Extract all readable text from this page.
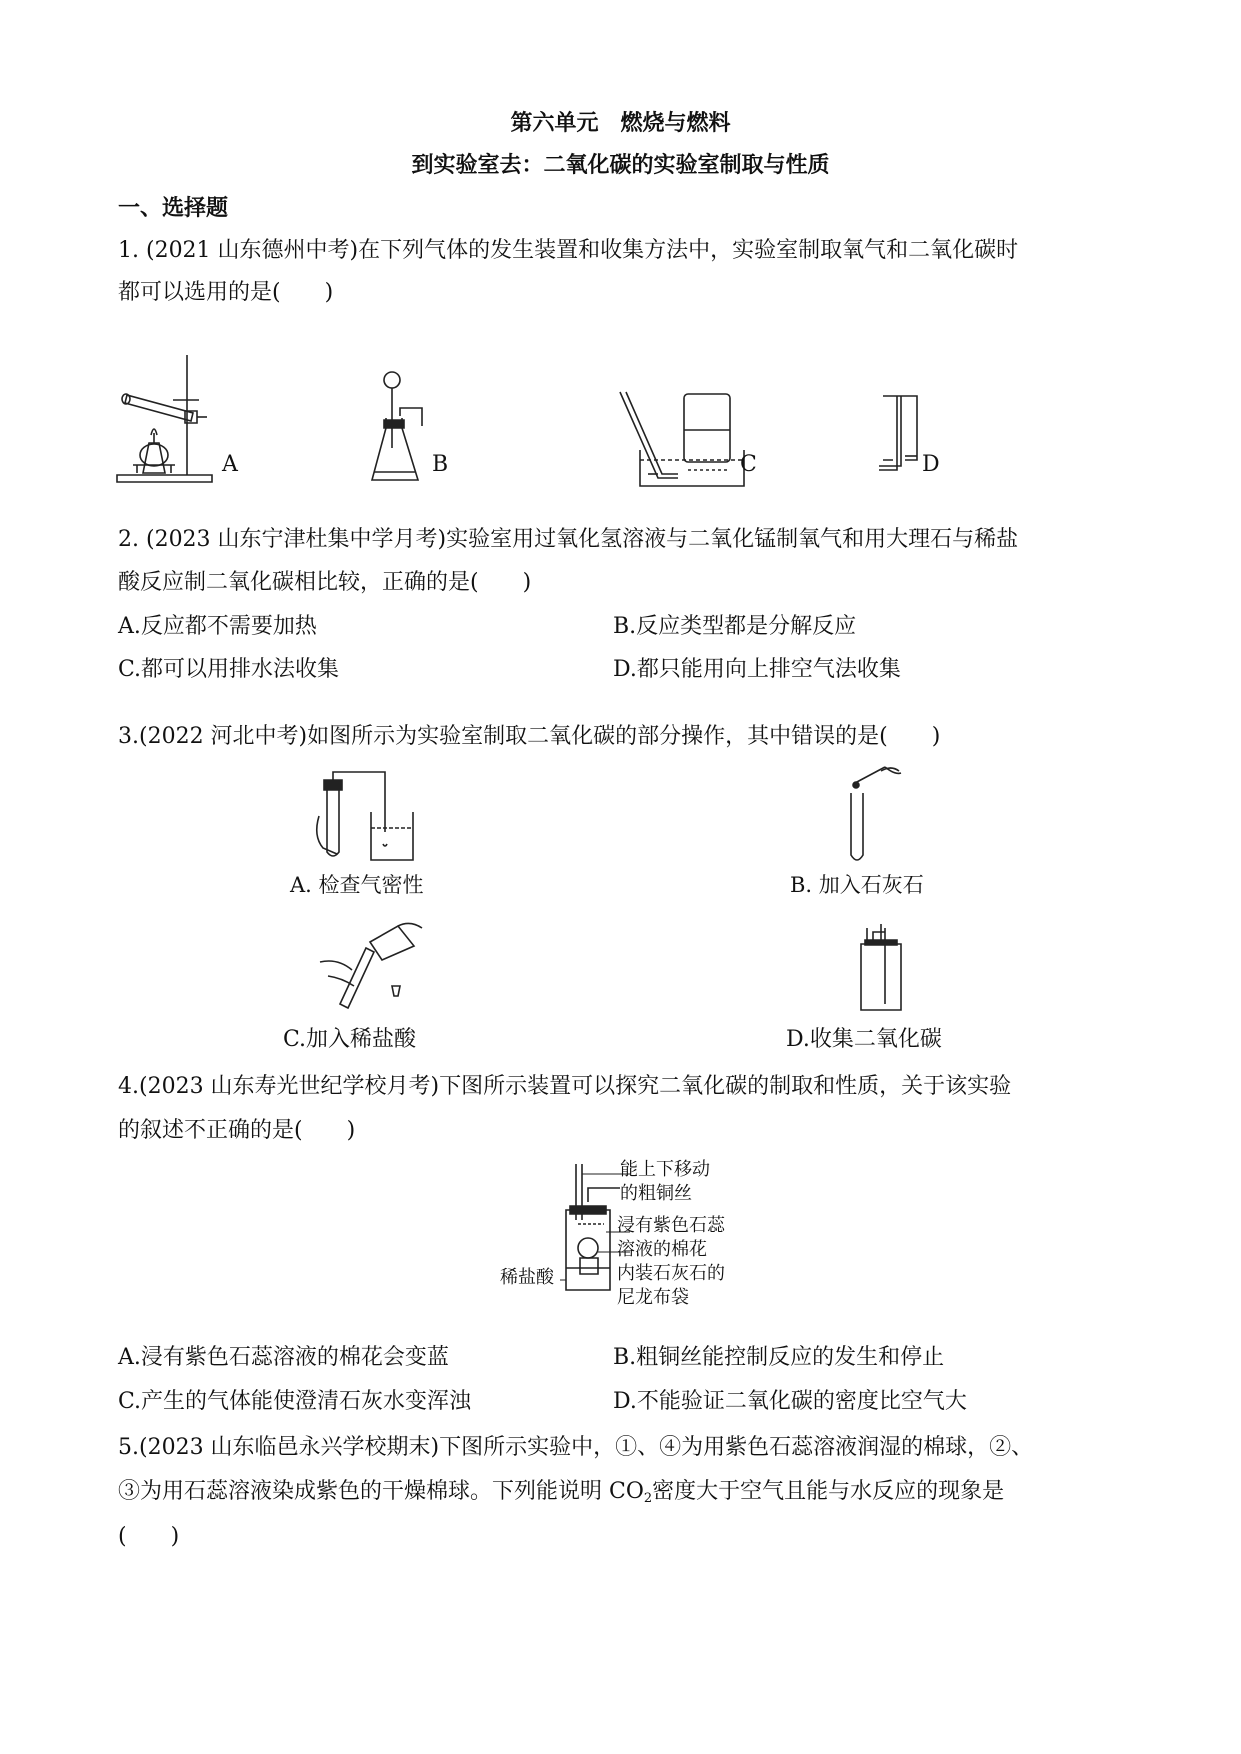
第六单元　燃烧与燃料
到实验室去：二氧化碳的实验室制取与性质
一、选择题
1. (2021 山东德州中考)在下列气体的发生装置和收集方法中，实验室制取氧气和二氧化碳时
都可以选用的是(　　)
A	B	C	D
2. (2023 山东宁津杜集中学月考)实验室用过氧化氢溶液与二氧化锰制氧气和用大理石与稀盐
酸反应制二氧化碳相比较，正确的是(　　)
A.反应都不需要加热	B.反应类型都是分解反应
C.都可以用排水法收集	D.都只能用向上排空气法收集
3.(2022 河北中考)如图所示为实验室制取二氧化碳的部分操作，其中错误的是(　　)
A. 检查气密性	B. 加入石灰石
C.加入稀盐酸	D.收集二氧化碳
4.(2023 山东寿光世纪学校月考)下图所示装置可以探究二氧化碳的制取和性质，关于该实验
的叙述不正确的是(　　)
能上下移动
的粗铜丝
浸有紫色石蕊
溶液的棉花
内装石灰石的
尼龙布袋
稀盐酸
A.浸有紫色石蕊溶液的棉花会变蓝	B.粗铜丝能控制反应的发生和停止
C.产生的气体能使澄清石灰水变浑浊	D.不能验证二氧化碳的密度比空气大
5.(2023 山东临邑永兴学校期末)下图所示实验中，①、④为用紫色石蕊溶液润湿的棉球，②、
③为用石蕊溶液染成紫色的干燥棉球。下列能说明 $CO_2$密度大于空气且能与水反应的现象是
(　　)
